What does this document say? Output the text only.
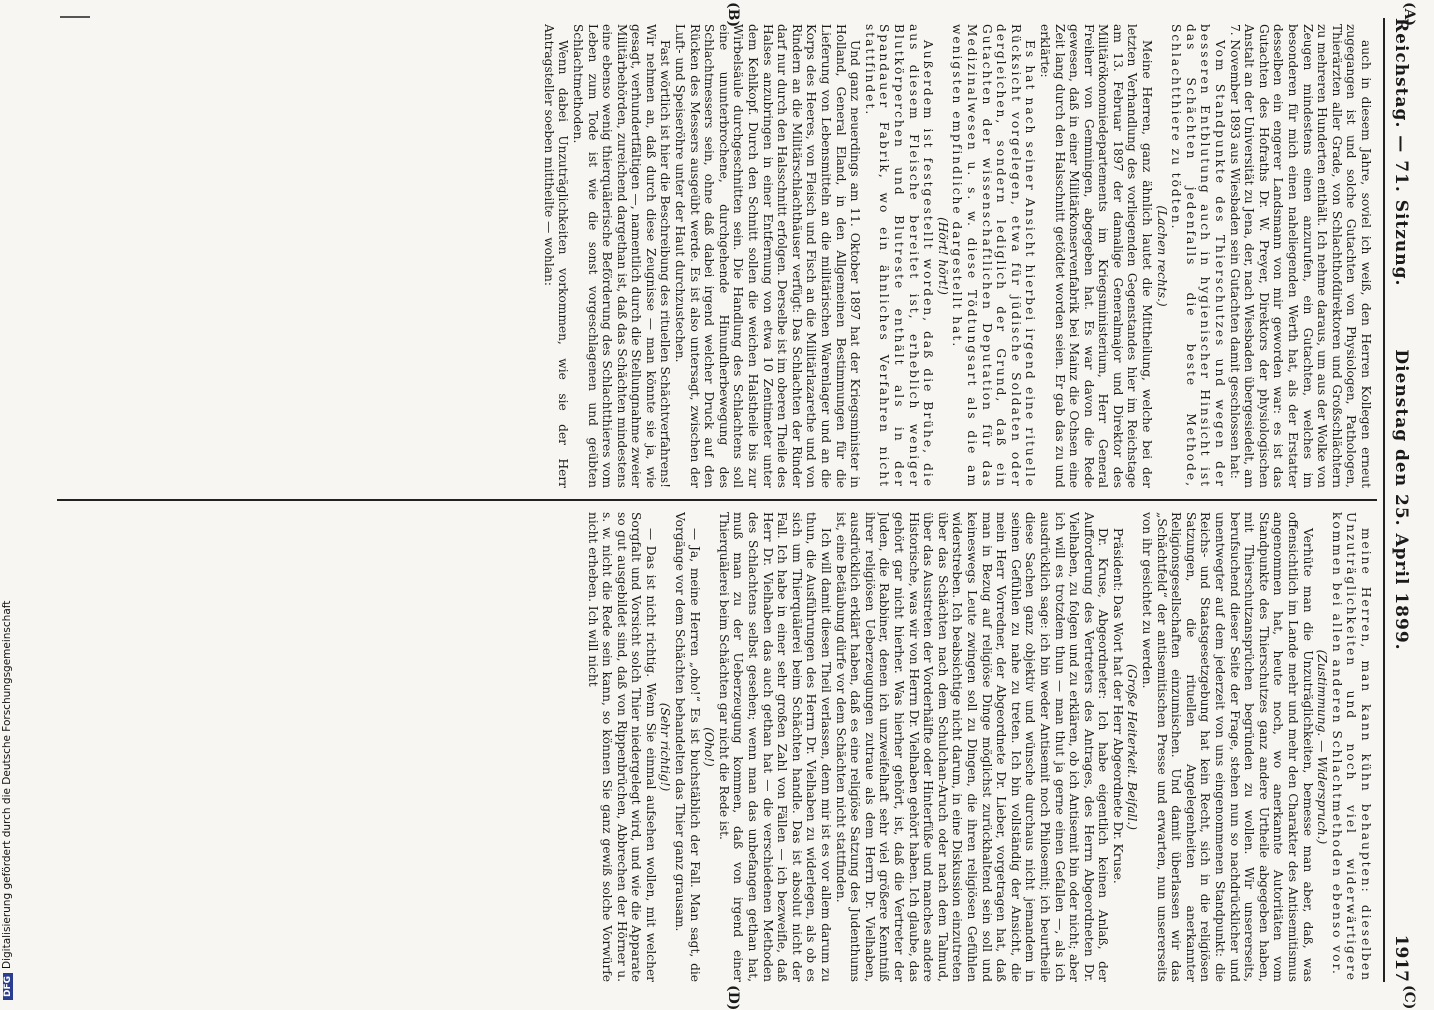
Reichstag. — 71. Sitzung.
Dienstag den 25. April 1899.
1917
(A)
(B)
(C)
(D)

auch in diesem Jahre, soviel ich weiß, den Herren Kollegen erneut zugegangen ist und solche Gutachten von Physiologen, Pathologen, Thierärzten aller Grade, von Schlachthofdirektoren und Großschlächtern zu mehreren Hunderten enthält. Ich nehme daraus, um aus der Wolke von Zeugen mindestens einen anzurufen, ein Gutachten, welches im besonderen für mich einen naheliegenden Werth hat, als der Erstatter desselben ein engerer Landsmann von mir geworden war: es ist das Gutachten des Hofraths Dr. W. Preyer, Direktors der physiologischen Anstalt an der Universität zu Jena, der, nach Wiesbaden übergesiedelt, am 7. November 1893 aus Wiesbaden sein Gutachten damit geschlossen hat:

Vom Standpunkte des Thierschutzes und wegen der besseren Entblutung auch in hygienischer Hinsicht ist das Schächten jedenfalls die beste Methode, Schlachtthiere zu tödten.

(Lachen rechts.)

Meine Herren, ganz ähnlich lautet die Mittheilung, welche bei der letzten Verhandlung des vorliegenden Gegenstandes hier im Reichstage am 13. Februar 1897 der damalige Generalmajor und Direktor des Militärökonomiedepartements im Kriegsministerium, Herr General Freiherr von Gemmingen, abgegeben hat. Es war davon die Rede gewesen, daß in einer Militärkonservenfabrik bei Mainz die Ochsen eine Zeit lang durch den Halsschnitt getödtet worden seien. Er gab das zu und erklärte:

Es hat nach seiner Ansicht hierbei irgend eine rituelle Rücksicht vorgelegen, etwa für jüdische Soldaten oder dergleichen, sondern lediglich der Grund, daß ein Gutachten der wissenschaftlichen Deputation für das Medizinalwesen u. s. w. diese Tödtungsart als die am wenigsten empfindliche dargestellt hat.

(Hört! hört!)

Außerdem ist festgestellt worden, daß die Brühe, die aus diesem Fleische bereitet ist, erheblich weniger Blutkörperchen und Blutreste enthält als in der Spandauer Fabrik, wo ein ähnliches Verfahren nicht stattfindet.

Und ganz neuerdings am 11. Oktober 1897 hat der Kriegsminister in Holland, General Eland, in den Allgemeinen Bestimmungen für die Lieferung von Lebensmitteln an die militärischen Warenlager und an die Korps des Heeres, von Fleisch und Fisch an die Militärlazarethe und von Rindern an die Militärschlachthäuser verfügt: Das Schlachten der Rinder darf nur durch den Halsschnitt erfolgen. Derselbe ist im oberen Theile des Halses anzubringen in einer Entfernung von etwa 10 Zentimeter unter dem Kehlkopf. Durch den Schnitt sollen die weichen Halstheile bis zur Wirbelsäule durchgeschnitten sein. Die Handlung des Schlachtens soll eine ununterbrochene, durchgehende Hinundherbewegung des Schlachtmessers sein, ohne daß dabei irgend welcher Druck auf den Rücken des Messers ausgeübt werde. Es ist also untersagt, zwischen der Luft- und Speiseröhre unter der Haut durchzustechen.

Fast wörtlich ist hier die Beschreibung des rituellen Schächtverfahrens! Wir nehmen an, daß durch diese Zeugnisse — man könnte sie ja, wie gesagt, verhundertfältigen —, namentlich durch die Stellungnahme zweier Militärbehörden, zureichend dargethan ist, daß das Schächten mindestens eine ebenso wenig thierquälerische Beförderung des Schlachtthieres vom Leben zum Tode ist wie die sonst vorgeschlagenen und geübten Schlachtmethoden.

Wenn dabei Unzuträglichkeiten vorkommen, wie sie der Herr Antragsteller soeben mittheilte — wohlan:

meine Herren, man kann kühn behaupten: dieselben Unzuträglichkeiten und noch viel widerwärtigere kommen bei allen anderen Schlachtmethoden ebenso vor.

(Zustimmung. — Widerspruch.)

Verhüte man die Unzuträglichkeiten, bemesse man aber, daß, was offensichtlich im Lande mehr und mehr den Charakter des Antisemitismus angenommen hat, heute noch, wo anerkannte Autoritäten vom Standpunkte des Thierschutzes ganz andere Urtheile abgegeben haben, mit Thierschutzansprüchen begründen zu wollen. Wir unsererseits, berufsuchend dieser Seite der Frage, stehen nun so nachdrücklicher und unentwegter auf dem jederzeit von uns eingenommenen Standpunkt: die Reichs- und Staatsgesetzgebung hat kein Recht, sich in die religiösen Satzungen, die rituellen Angelegenheiten anerkannter Religionsgesellschaften einzumischen. Und damit überlassen wir das „Schächtfeld“ der antisemitischen Presse und erwarten, nun unsererseits von ihr gesichtet zu werden.

(Große Heiterkeit. Beifall.)

Präsident: Das Wort hat der Herr Abgeordnete Dr. Kruse.

Dr. Kruse, Abgeordneter: Ich habe eigentlich keinen Anlaß, der Aufforderung des Vertreters des Antrages, des Herrn Abgeordneten Dr. Vielhaben, zu folgen und zu erklären, ob ich Antisemit bin oder nicht; aber ich will es trotzdem thun — man thut ja gerne einen Gefallen —, als ich ausdrücklich sage: ich bin weder Antisemit noch Philosemit; ich beurtheile diese Sachen ganz objektiv und wünsche durchaus nicht jemandem in seinen Gefühlen zu nahe zu treten. Ich bin vollständig der Ansicht, die mein Herr Vorredner, der Abgeordnete Dr. Lieber, vorgetragen hat, daß man in Bezug auf religiöse Dinge möglichst zurückhaltend sein soll und keineswegs Leute zwingen soll zu Dingen, die ihren religiösen Gefühlen widerstreben. Ich beabsichtige nicht darum, in eine Diskussion einzutreten über das Schächten nach dem Schulchan-Aruch oder nach dem Talmud, über das Ausstreten der Vorderhälfte oder Hinterfüße und manches andere Historische, was wir von Herrn Dr. Vielhaben gehört haben. Ich glaube, das gehört gar nicht hierher. Was hierher gehört, ist, daß die Vertreter der Juden, die Rabbiner, denen ich unzweifelhaft sehr viel größere Kenntniß ihrer religiösen Ueberzeugungen zutraue als dem Herrn Dr. Vielhaben, ausdrücklich erklärt haben, daß es eine religiöse Satzung des Judenthums ist, eine Betäubung dürfe vor dem Schächten nicht stattfinden.

Ich will damit diesen Theil verlassen, denn mir ist es vor allem darum zu thun, die Ausführungen des Herrn Dr. Vielhaben zu widerlegen, als ob es sich um Thierquälerei beim Schächten handle. Das ist absolut nicht der Fall. Ich habe in einer sehr großen Zahl von Fällen — ich bezweifle, daß Herr Dr. Vielhaben das auch gethan hat — die verschiedenen Methoden des Schlachtens selbst gesehen; wenn man das unbefangen gethan hat, muß man zu der Ueberzeugung kommen, daß von irgend einer Thierquälerei beim Schächten gar nicht die Rede ist.

(Oho!)

— Ja, meine Herren „oho!“ Es ist buchstäblich der Fall. Man sagt, die Vorgänge vor dem Schächten behandelten das Thier ganz grausam.

(Sehr richtig!)

— Das ist nicht richtig. Wenn Sie einmal aufsehen wollen, mit welcher Sorgfalt und Vorsicht solch Thier niedergelegt wird, und wie die Apparate so gut ausgebildet sind, daß von Rippenbrüchen, Abbrechen der Hörner u. s. w. nicht die Rede sein kann, so können Sie ganz gewiß solche Vorwürfe nicht erheben. Ich will nicht

DFGDigitalisierung gefördert durch die Deutsche Forschungsgemeinschaft
